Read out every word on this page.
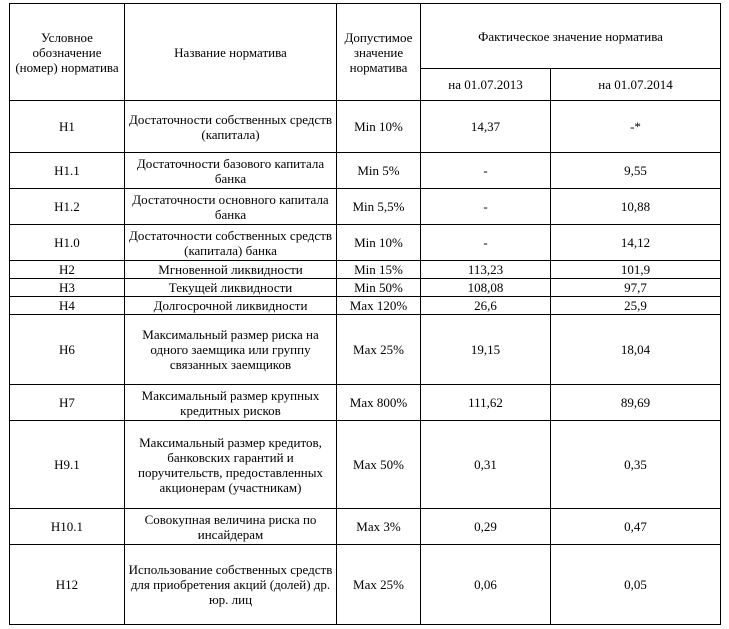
Условное обозначение (номер) норматива	Название норматива	Допустимое значение норматива	Фактическое значение норматива	
			на 01.07.2013	на 01.07.2014
Н1	Достаточности собственных средств (капитала)	Min 10%	14,37	-*
Н1.1	Достаточности базового капитала банка	Min 5%	-	9,55
Н1.2	Достаточности основного капитала банка	Min 5,5%	-	10,88
Н1.0	Достаточности собственных средств (капитала) банка	Min 10%	-	14,12
Н2	Мгновенной ликвидности	Min 15%	113,23	101,9
Н3	Текущей ликвидности	Min 50%	108,08	97,7
Н4	Долгосрочной ликвидности	Max 120%	26,6	25,9
Н6	Максимальный размер риска на одного заемщика или группу связанных заемщиков	Max 25%	19,15	18,04
Н7	Максимальный размер крупных кредитных рисков	Max 800%	111,62	89,69
Н9.1	Максимальный размер кредитов, банковских гарантий и поручительств, предоставленных акционерам (участникам)	Max 50%	0,31	0,35
Н10.1	Совокупная величина риска по инсайдерам	Max 3%	0,29	0,47
Н12	Использование собственных средств для приобретения акций (долей) др. юр. лиц	Max 25%	0,06	0,05
